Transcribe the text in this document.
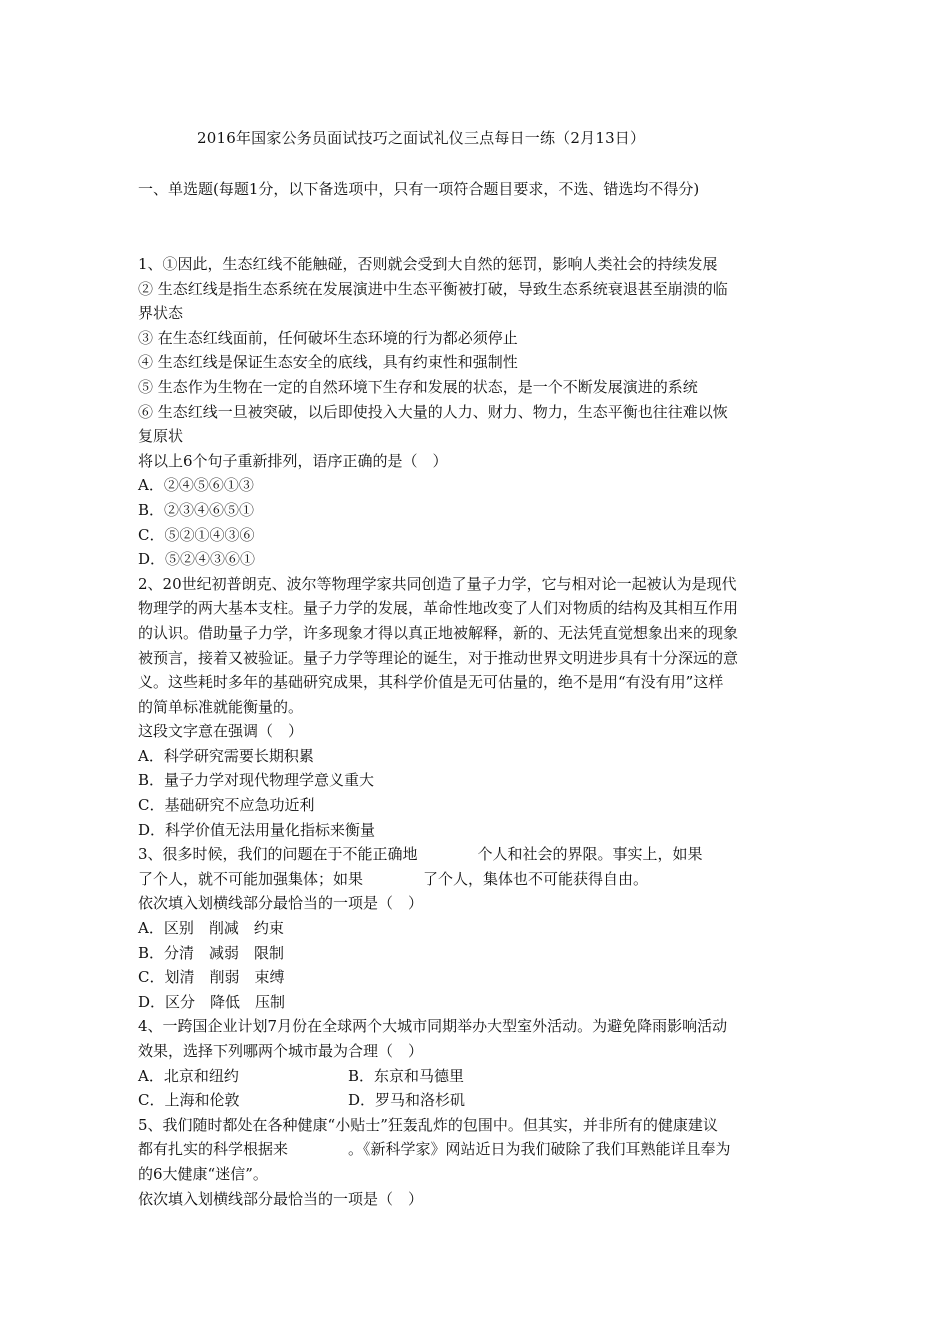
2016年国家公务员面试技巧之面试礼仪三点每日一练（2月13日）
一、单选题(每题1分，以下备选项中，只有一项符合题目要求，不选、错选均不得分)
1、①因此，生态红线不能触碰，否则就会受到大自然的惩罚，影响人类社会的持续发展
② 生态红线是指生态系统在发展演进中生态平衡被打破，导致生态系统衰退甚至崩溃的临
界状态
③ 在生态红线面前，任何破坏生态环境的行为都必须停止
④ 生态红线是保证生态安全的底线，具有约束性和强制性
⑤ 生态作为生物在一定的自然环境下生存和发展的状态，是一个不断发展演进的系统
⑥ 生态红线一旦被突破，以后即使投入大量的人力、财力、物力，生态平衡也往往难以恢
复原状
将以上6个句子重新排列，语序正确的是（　）
A．②④⑤⑥①③
B．②③④⑥⑤①
C．⑤②①④③⑥
D．⑤②④③⑥①
2、20世纪初普朗克、波尔等物理学家共同创造了量子力学，它与相对论一起被认为是现代
物理学的两大基本支柱。量子力学的发展，革命性地改变了人们对物质的结构及其相互作用
的认识。借助量子力学，许多现象才得以真正地被解释，新的、无法凭直觉想象出来的现象
被预言，接着又被验证。量子力学等理论的诞生，对于推动世界文明进步具有十分深远的意
义。这些耗时多年的基础研究成果，其科学价值是无可估量的，绝不是用“有没有用”这样
的简单标准就能衡量的。
这段文字意在强调（　）
A．科学研究需要长期积累
B．量子力学对现代物理学意义重大
C．基础研究不应急功近利
D．科学价值无法用量化指标来衡量
3、很多时候，我们的问题在于不能正确地　　　　个人和社会的界限。事实上，如果
了个人，就不可能加强集体；如果　　　　了个人，集体也不可能获得自由。
依次填入划横线部分最恰当的一项是（　）
A．区别　削减　约束
B．分清　减弱　限制
C．划清　削弱　束缚
D．区分　降低　压制
4、一跨国企业计划7月份在全球两个大城市同期举办大型室外活动。为避免降雨影响活动
效果，选择下列哪两个城市最为合理（　）
A．北京和纽约	B．东京和马德里
C．上海和伦敦	D．罗马和洛杉矶
5、我们随时都处在各种健康“小贴士”狂轰乱炸的包围中。但其实，并非所有的健康建议
都有扎实的科学根据来　　　　。《新科学家》网站近日为我们破除了我们耳熟能详且奉为
的6大健康“迷信”。
依次填入划横线部分最恰当的一项是（　）
